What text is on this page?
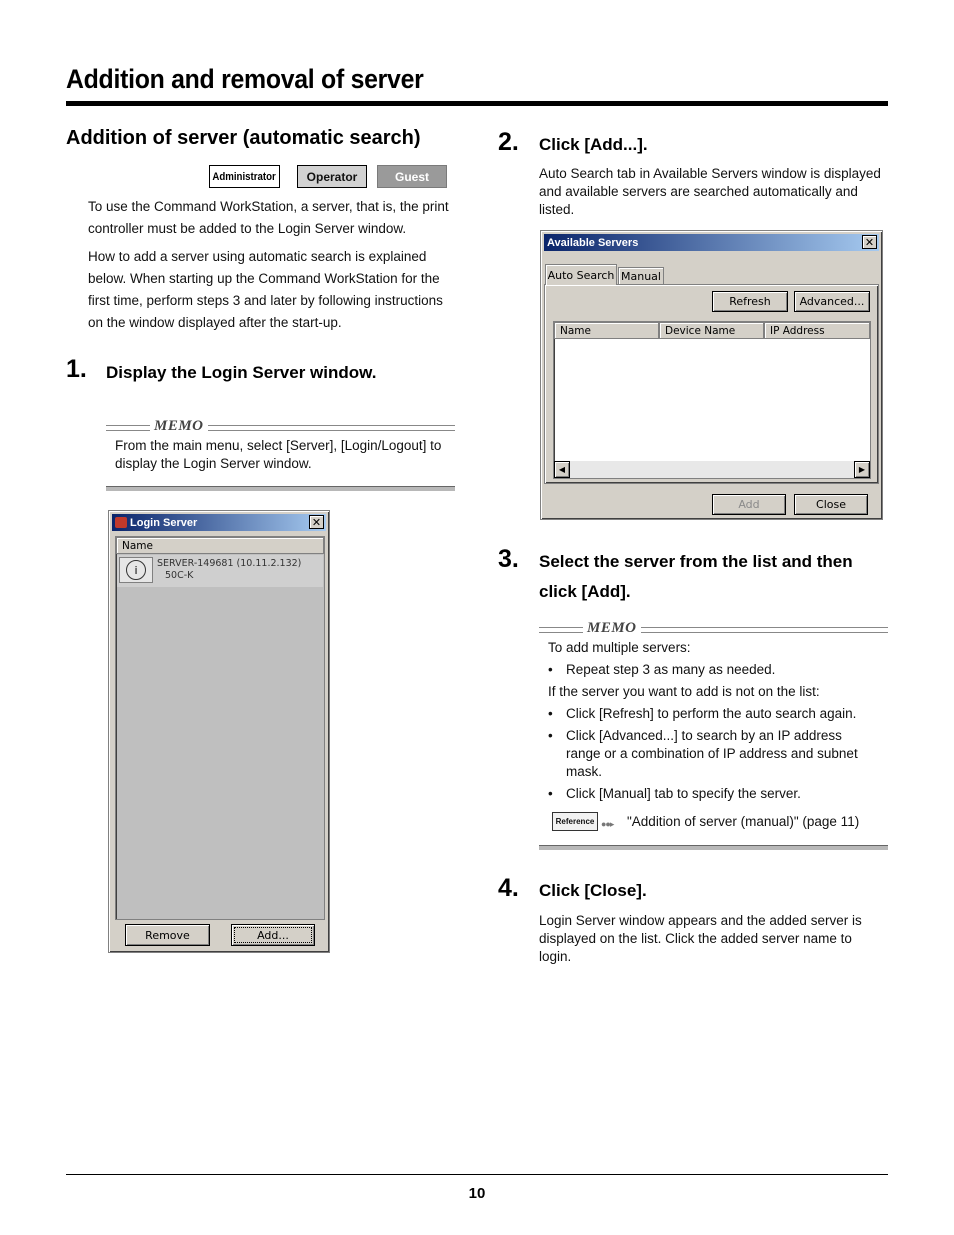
Addition and removal of server
Addition of server (automatic search)
Administrator	Operator	Guest
To use the Command WorkStation, a server, that is, the print controller must be added to the Login Server window.
How to add a server using automatic search is explained below. When starting up the Command WorkStation for the first time, perform steps 3 and later by following instructions on the window displayed after the start-up.
1. Display the Login Server window.
MEMO
From the main menu, select [Server], [Login/Logout] to display the Login Server window.
Login Server	✕
Name
i	SERVER-149681 (10.11.2.132)
50C-K
Remove	Add...
2. Click [Add...].
Auto Search tab in Available Servers window is displayed and available servers are searched automatically and listed.
Available Servers	✕
Auto Search Manual
Refresh	Advanced...
Name	Device Name	IP Address
◀	▶
Add	Close
3. Select the server from the list and then
click [Add].
MEMO
To add multiple servers:
• Repeat step 3 as many as needed.
If the server you want to add is not on the list:
• Click [Refresh] to perform the auto search again.
• Click [Advanced...] to search by an IP address range or a combination of IP address and subnet mask.
• Click [Manual] tab to specify the server.
Reference ●●▸ "Addition of server (manual)" (page 11)
4. Click [Close].
Login Server window appears and the added server is displayed on the list. Click the added server name to login.
10
